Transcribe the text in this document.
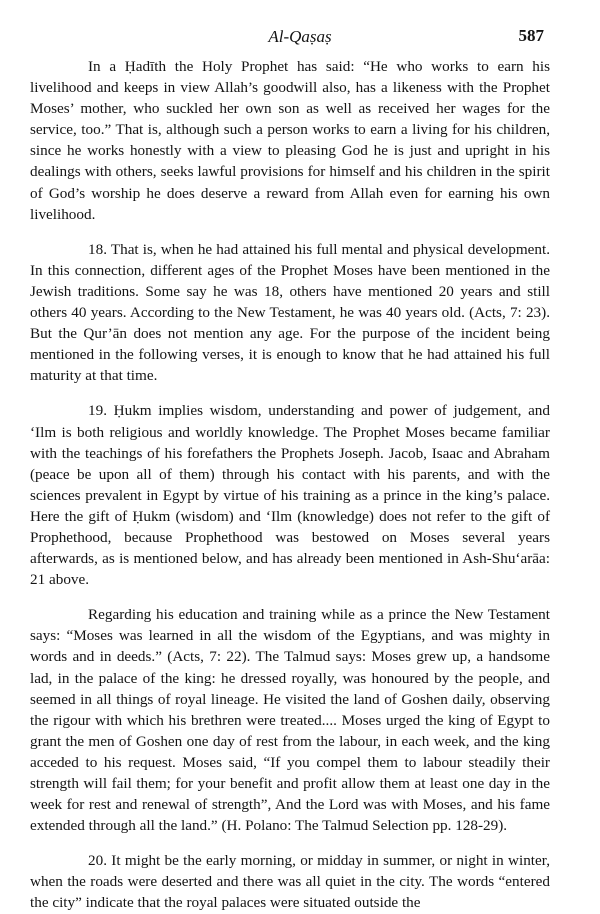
Al-Qaṣaṣ	587

In a Ḥadīth the Holy Prophet has said: “He who works to earn his livelihood and keeps in view Allah’s goodwill also, has a likeness with the Prophet Moses’ mother, who suckled her own son as well as received her wages for the service, too.” That is, although such a person works to earn a living for his children, since he works honestly with a view to pleasing God he is just and upright in his dealings with others, seeks lawful provisions for himself and his children in the spirit of God’s worship he does deserve a reward from Allah even for earning his own livelihood.

18. That is, when he had attained his full mental and physical development. In this connection, different ages of the Prophet Moses have been mentioned in the Jewish traditions. Some say he was 18, others have mentioned 20 years and still others 40 years. According to the New Testament, he was 40 years old. (Acts, 7: 23). But the Qur’ān does not mention any age. For the purpose of the incident being mentioned in the following verses, it is enough to know that he had attained his full maturity at that time.

19. Ḥukm implies wisdom, understanding and power of judgement, and ‘Ilm is both religious and worldly knowledge. The Prophet Moses became familiar with the teachings of his forefathers the Prophets Joseph. Jacob, Isaac and Abraham (peace be upon all of them) through his contact with his parents, and with the sciences prevalent in Egypt by virtue of his training as a prince in the king’s palace. Here the gift of Ḥukm (wisdom) and ‘Ilm (knowledge) does not refer to the gift of Prophethood, because Prophethood was bestowed on Moses several years afterwards, as is mentioned below, and has already been mentioned in Ash-Shu‘arāa: 21 above.

Regarding his education and training while as a prince the New Testament says: “Moses was learned in all the wisdom of the Egyptians, and was mighty in words and in deeds.” (Acts, 7: 22). The Talmud says: Moses grew up, a handsome lad, in the palace of the king: he dressed royally, was honoured by the people, and seemed in all things of royal lineage. He visited the land of Goshen daily, observing the rigour with which his brethren were treated.... Moses urged the king of Egypt to grant the men of Goshen one day of rest from the labour, in each week, and the king acceded to his request. Moses said, “If you compel them to labour steadily their strength will fail them; for your benefit and profit allow them at least one day in the week for rest and renewal of strength”, And the Lord was with Moses, and his fame extended through all the land.” (H. Polano: The Talmud Selection pp. 128-29).

20. It might be the early morning, or midday in summer, or night in winter, when the roads were deserted and there was all quiet in the city. The words “entered the city” indicate that the royal palaces were situated outside the
